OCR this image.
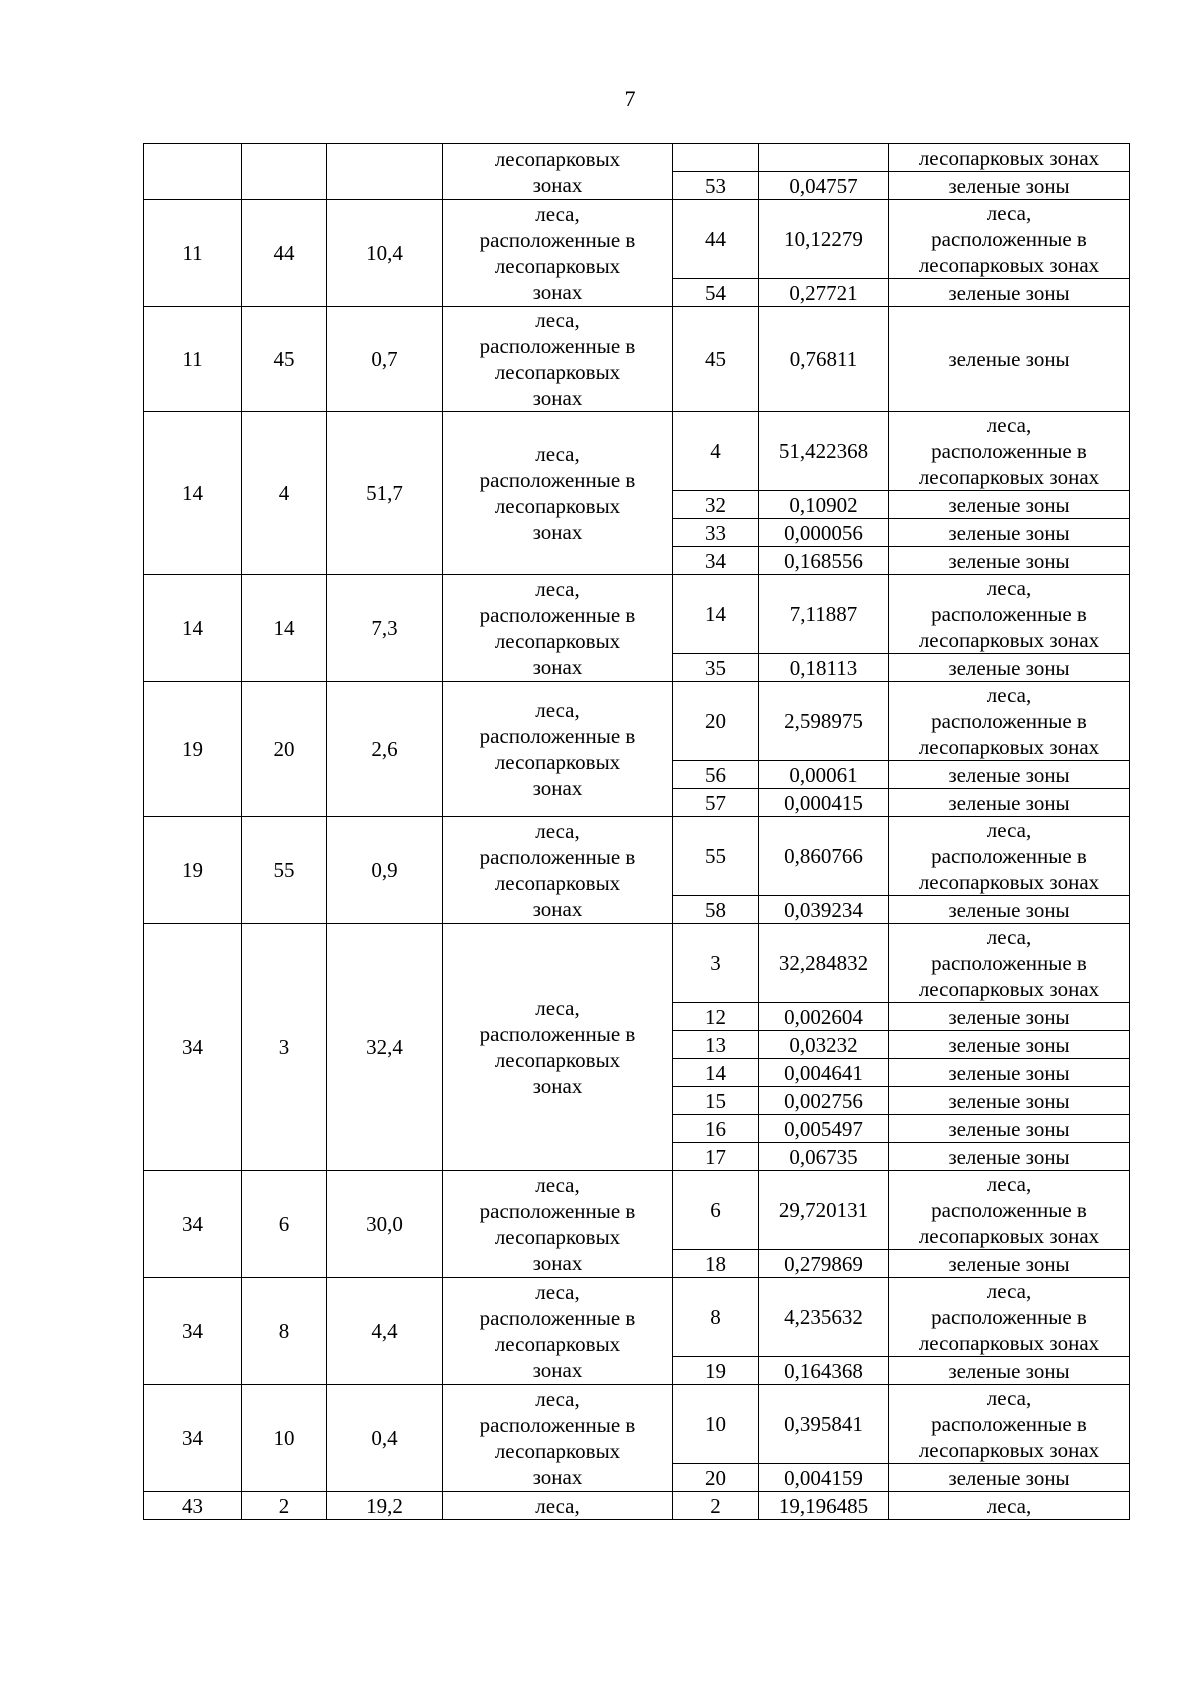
7
			лесопарковых
зонах			лесопарковых зонах
				53	0,04757	зеленые зоны
11	44	10,4	леса,
расположенные в
лесопарковых
зонах	44	10,12279	леса,
расположенные в
лесопарковых зонах
				54	0,27721	зеленые зоны
11	45	0,7	леса,
расположенные в
лесопарковых
зонах	45	0,76811	зеленые зоны
14	4	51,7	леса,
расположенные в
лесопарковых
зонах	4	51,422368	леса,
расположенные в
лесопарковых зонах
				32	0,10902	зеленые зоны
				33	0,000056	зеленые зоны
				34	0,168556	зеленые зоны
14	14	7,3	леса,
расположенные в
лесопарковых
зонах	14	7,11887	леса,
расположенные в
лесопарковых зонах
				35	0,18113	зеленые зоны
19	20	2,6	леса,
расположенные в
лесопарковых
зонах	20	2,598975	леса,
расположенные в
лесопарковых зонах
				56	0,00061	зеленые зоны
				57	0,000415	зеленые зоны
19	55	0,9	леса,
расположенные в
лесопарковых
зонах	55	0,860766	леса,
расположенные в
лесопарковых зонах
				58	0,039234	зеленые зоны
34	3	32,4	леса,
расположенные в
лесопарковых
зонах	3	32,284832	леса,
расположенные в
лесопарковых зонах
				12	0,002604	зеленые зоны
				13	0,03232	зеленые зоны
				14	0,004641	зеленые зоны
				15	0,002756	зеленые зоны
				16	0,005497	зеленые зоны
				17	0,06735	зеленые зоны
34	6	30,0	леса,
расположенные в
лесопарковых
зонах	6	29,720131	леса,
расположенные в
лесопарковых зонах
				18	0,279869	зеленые зоны
34	8	4,4	леса,
расположенные в
лесопарковых
зонах	8	4,235632	леса,
расположенные в
лесопарковых зонах
				19	0,164368	зеленые зоны
34	10	0,4	леса,
расположенные в
лесопарковых
зонах	10	0,395841	леса,
расположенные в
лесопарковых зонах
				20	0,004159	зеленые зоны
43	2	19,2	леса,	2	19,196485	леса,
